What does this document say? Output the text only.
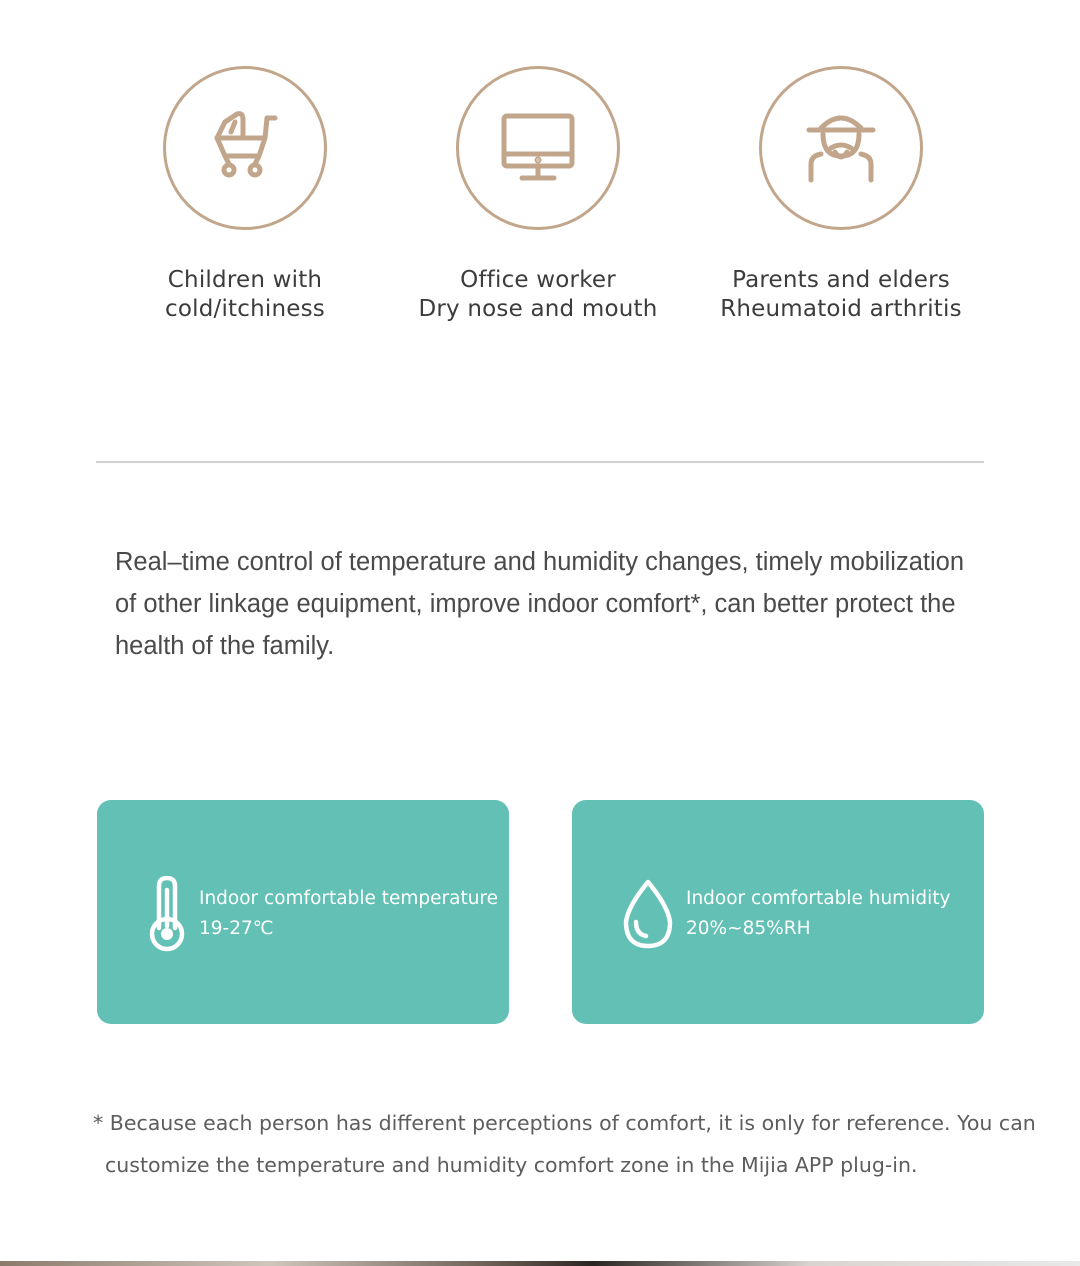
Children with
cold/itchiness
Office worker
Dry nose and mouth
Parents and elders
Rheumatoid arthritis
Real–time control of temperature and humidity changes, timely mobilization of other linkage equipment, improve indoor comfort*, can better protect the health of the family.
Indoor comfortable temperature
19-27℃
Indoor comfortable humidity
20%~85%RH
* Because each person has different perceptions of comfort, it is only for reference. You can
customize the temperature and humidity comfort zone in the Mijia APP plug-in.
